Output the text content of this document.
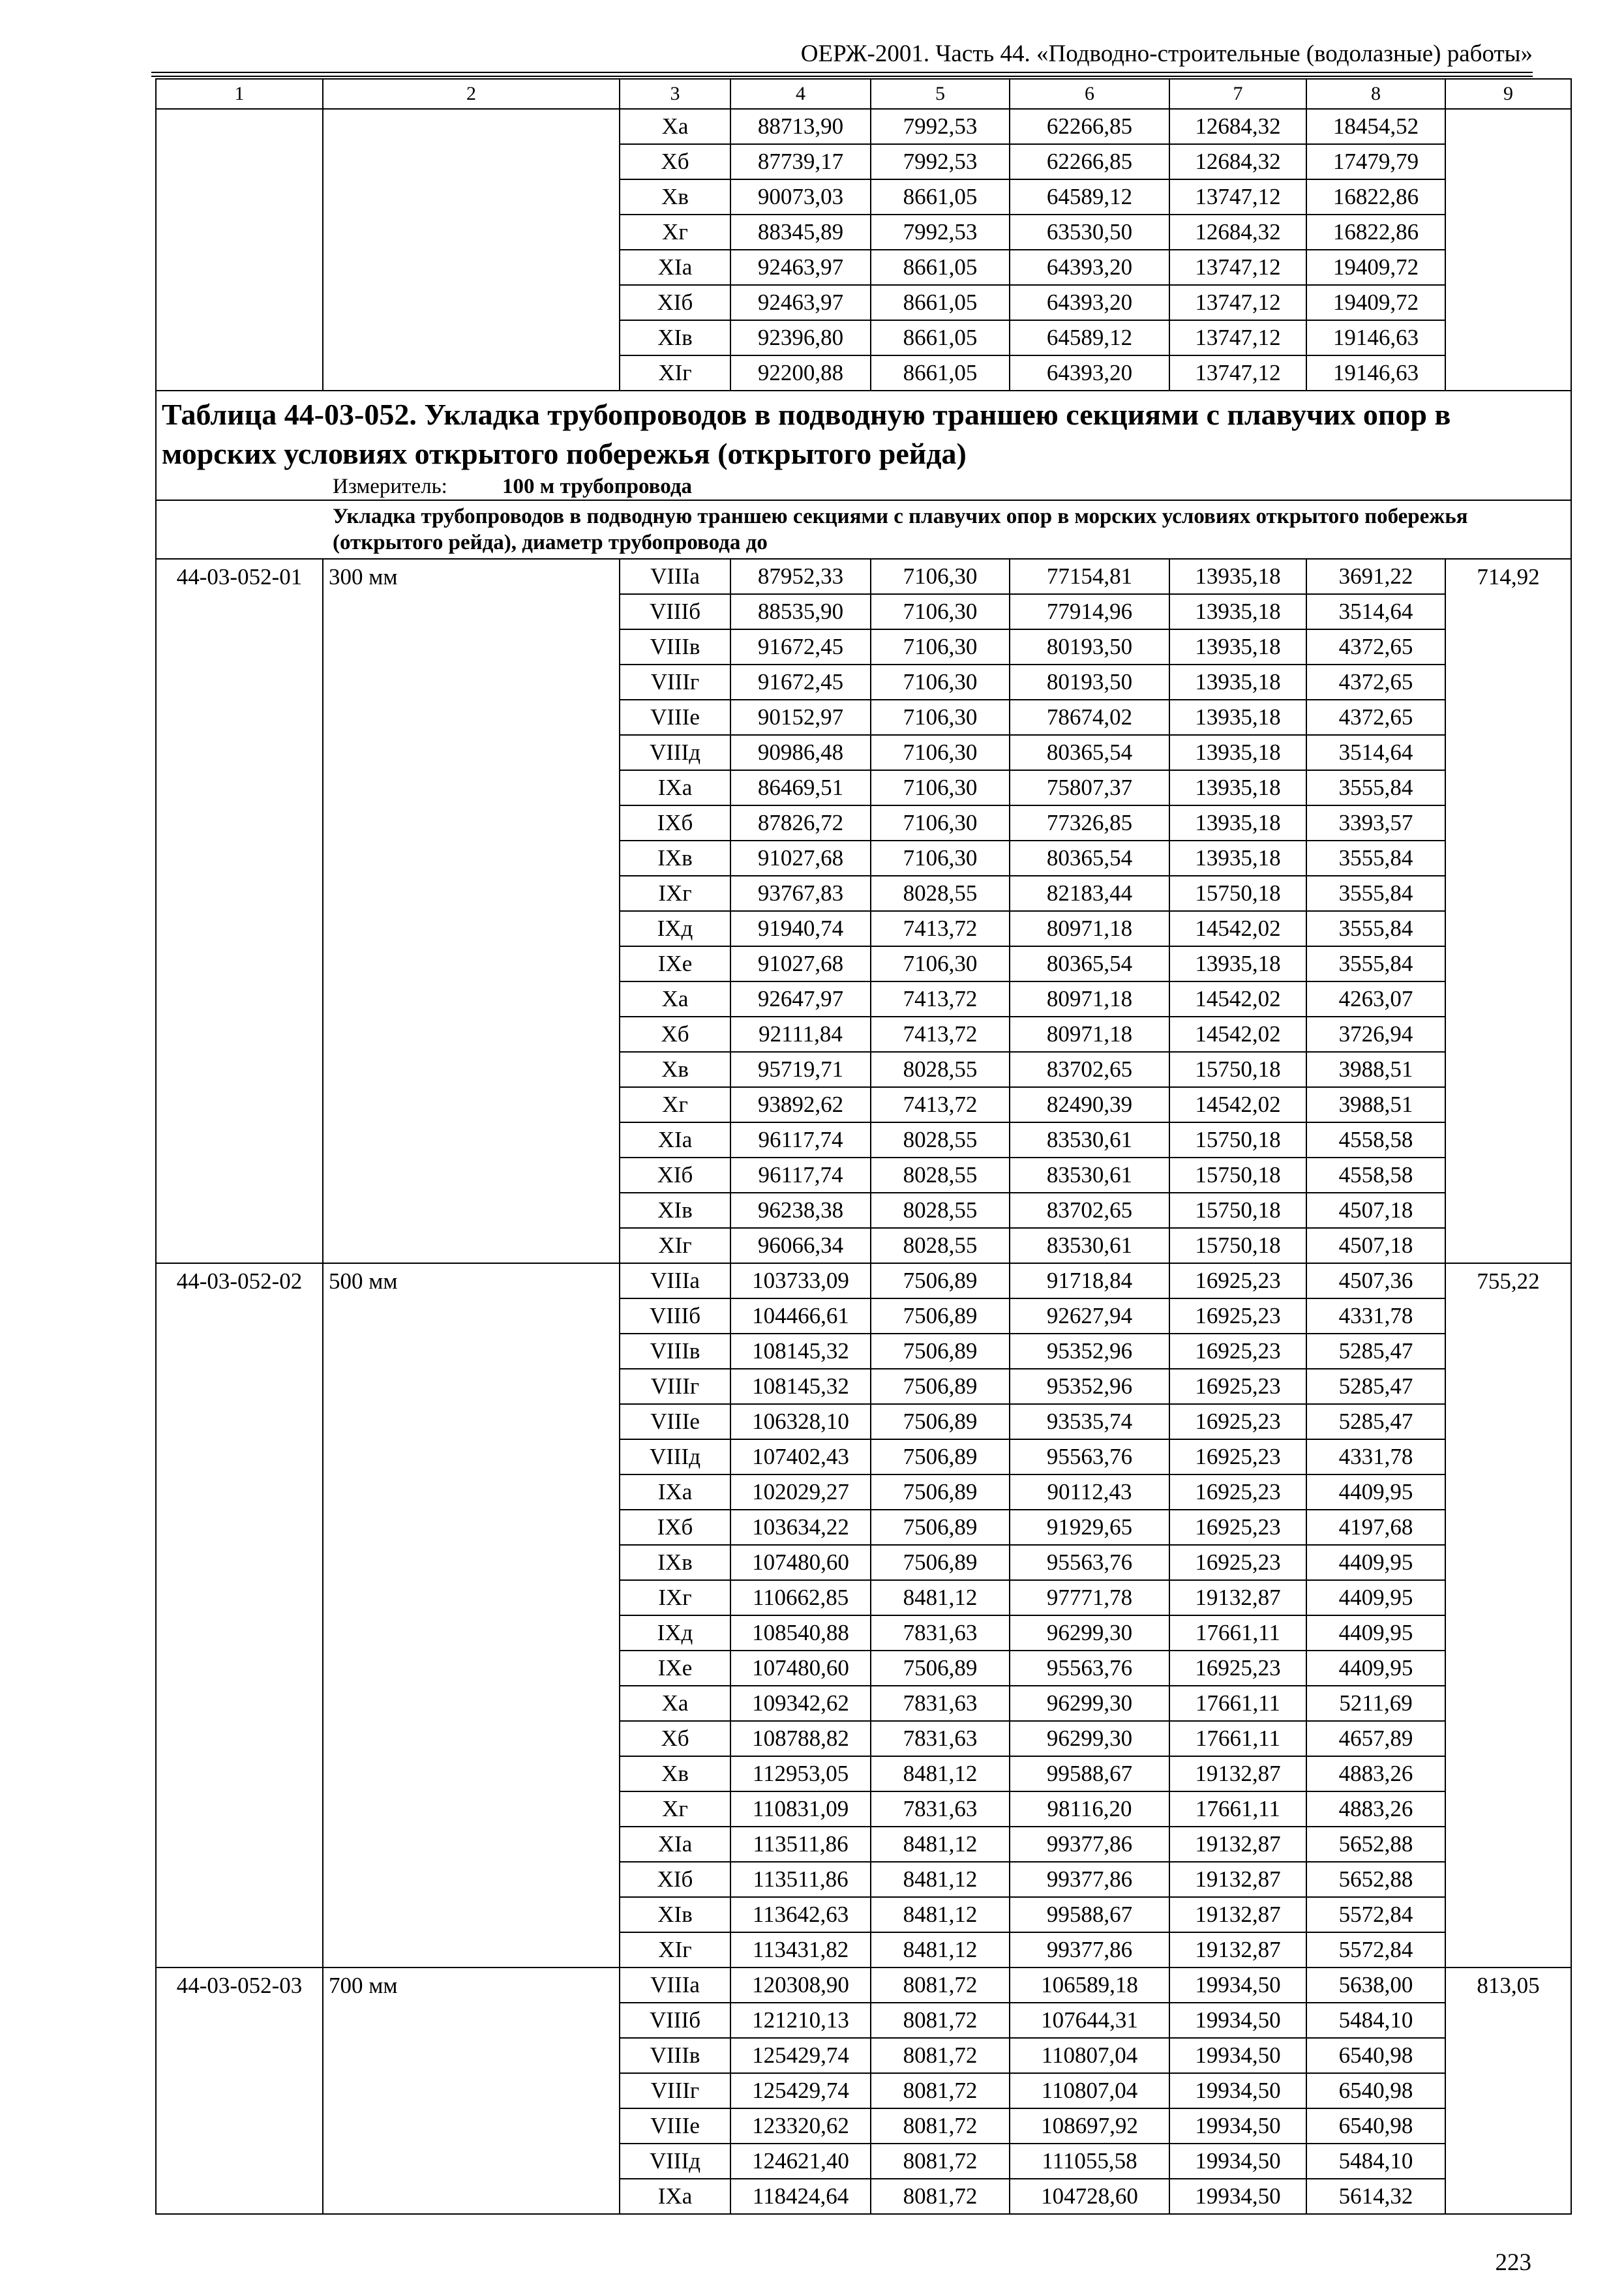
ОЕРЖ-2001. Часть 44. «Подводно-строительные (водолазные) работы»
1	2	3	4	5	6	7	8	9
		Xa	88713,90	7992,53	62266,85	12684,32	18454,52	
		Xб	87739,17	7992,53	62266,85	12684,32	17479,79	
		Xв	90073,03	8661,05	64589,12	13747,12	16822,86	
		Xг	88345,89	7992,53	63530,50	12684,32	16822,86	
		XIa	92463,97	8661,05	64393,20	13747,12	19409,72	
		XIб	92463,97	8661,05	64393,20	13747,12	19409,72	
		XIв	92396,80	8661,05	64589,12	13747,12	19146,63	
		XIг	92200,88	8661,05	64393,20	13747,12	19146,63	
Таблица 44-03-052. Укладка трубопроводов в подводную траншею секциями с плавучих опор в морских условиях открытого побережья (открытого рейда)								
Измеритель: 100 м трубопровода								
Укладка трубопроводов в подводную траншею секциями с плавучих опор в морских условиях открытого побережья (открытого рейда), диаметр трубопровода до								
44-03-052-01	300 мм	VIIIa	87952,33	7106,30	77154,81	13935,18	3691,22	714,92
		VIIIб	88535,90	7106,30	77914,96	13935,18	3514,64	
		VIIIв	91672,45	7106,30	80193,50	13935,18	4372,65	
		VIIIг	91672,45	7106,30	80193,50	13935,18	4372,65	
		VIIIе	90152,97	7106,30	78674,02	13935,18	4372,65	
		VIIIд	90986,48	7106,30	80365,54	13935,18	3514,64	
		IXa	86469,51	7106,30	75807,37	13935,18	3555,84	
		IXб	87826,72	7106,30	77326,85	13935,18	3393,57	
		IXв	91027,68	7106,30	80365,54	13935,18	3555,84	
		IXг	93767,83	8028,55	82183,44	15750,18	3555,84	
		IXд	91940,74	7413,72	80971,18	14542,02	3555,84	
		IXе	91027,68	7106,30	80365,54	13935,18	3555,84	
		Xa	92647,97	7413,72	80971,18	14542,02	4263,07	
		Xб	92111,84	7413,72	80971,18	14542,02	3726,94	
		Xв	95719,71	8028,55	83702,65	15750,18	3988,51	
		Xг	93892,62	7413,72	82490,39	14542,02	3988,51	
		XIa	96117,74	8028,55	83530,61	15750,18	4558,58	
		XIб	96117,74	8028,55	83530,61	15750,18	4558,58	
		XIв	96238,38	8028,55	83702,65	15750,18	4507,18	
		XIг	96066,34	8028,55	83530,61	15750,18	4507,18	
44-03-052-02	500 мм	VIIIa	103733,09	7506,89	91718,84	16925,23	4507,36	755,22
		VIIIб	104466,61	7506,89	92627,94	16925,23	4331,78	
		VIIIв	108145,32	7506,89	95352,96	16925,23	5285,47	
		VIIIг	108145,32	7506,89	95352,96	16925,23	5285,47	
		VIIIе	106328,10	7506,89	93535,74	16925,23	5285,47	
		VIIIд	107402,43	7506,89	95563,76	16925,23	4331,78	
		IXa	102029,27	7506,89	90112,43	16925,23	4409,95	
		IXб	103634,22	7506,89	91929,65	16925,23	4197,68	
		IXв	107480,60	7506,89	95563,76	16925,23	4409,95	
		IXг	110662,85	8481,12	97771,78	19132,87	4409,95	
		IXд	108540,88	7831,63	96299,30	17661,11	4409,95	
		IXе	107480,60	7506,89	95563,76	16925,23	4409,95	
		Xa	109342,62	7831,63	96299,30	17661,11	5211,69	
		Xб	108788,82	7831,63	96299,30	17661,11	4657,89	
		Xв	112953,05	8481,12	99588,67	19132,87	4883,26	
		Xг	110831,09	7831,63	98116,20	17661,11	4883,26	
		XIa	113511,86	8481,12	99377,86	19132,87	5652,88	
		XIб	113511,86	8481,12	99377,86	19132,87	5652,88	
		XIв	113642,63	8481,12	99588,67	19132,87	5572,84	
		XIг	113431,82	8481,12	99377,86	19132,87	5572,84	
44-03-052-03	700 мм	VIIIa	120308,90	8081,72	106589,18	19934,50	5638,00	813,05
		VIIIб	121210,13	8081,72	107644,31	19934,50	5484,10	
		VIIIв	125429,74	8081,72	110807,04	19934,50	6540,98	
		VIIIг	125429,74	8081,72	110807,04	19934,50	6540,98	
		VIIIе	123320,62	8081,72	108697,92	19934,50	6540,98	
		VIIIд	124621,40	8081,72	111055,58	19934,50	5484,10	
		IXa	118424,64	8081,72	104728,60	19934,50	5614,32	
223
